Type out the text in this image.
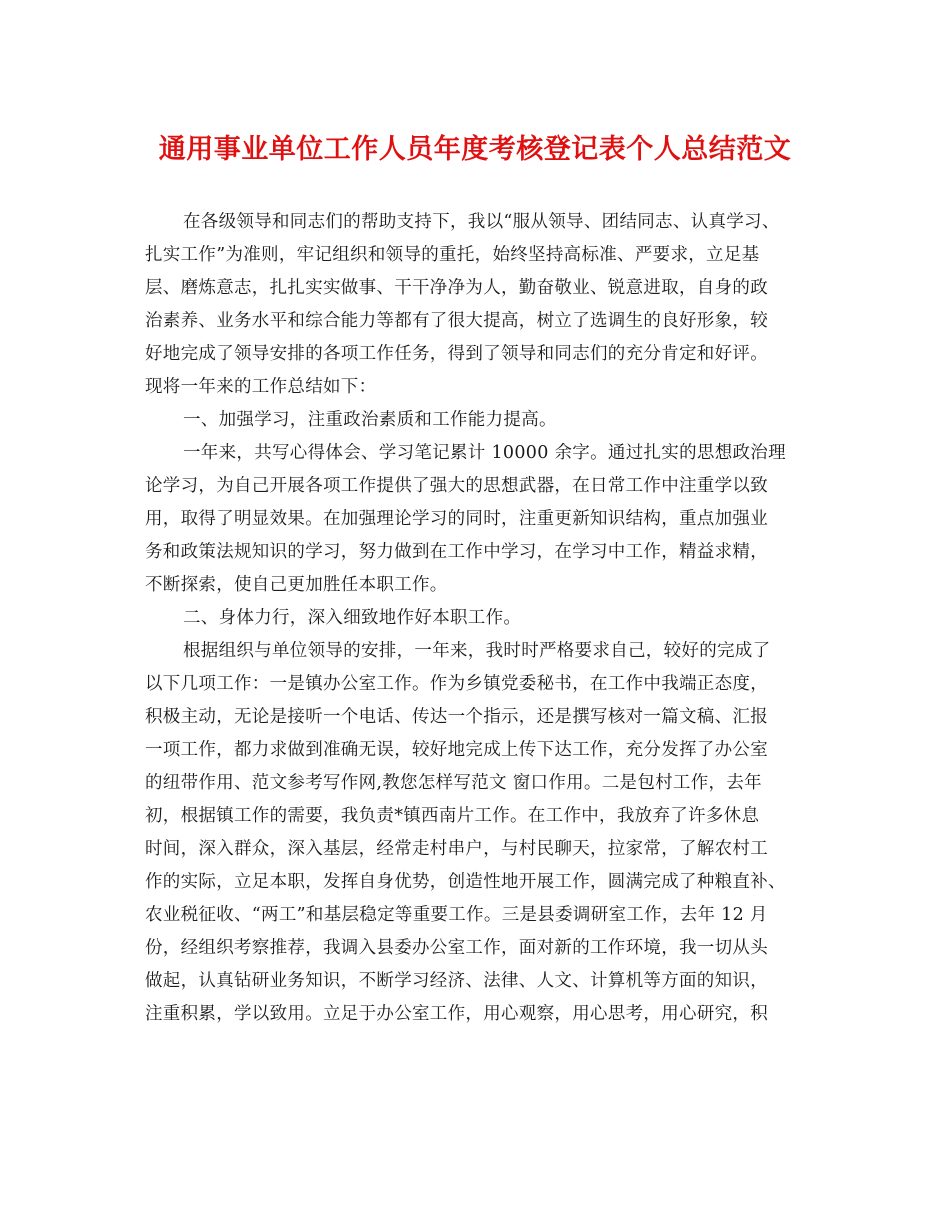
通用事业单位工作人员年度考核登记表个人总结范文
在各级领导和同志们的帮助支持下，我以“服从领导、团结同志、认真学习、
扎实工作”为准则，牢记组织和领导的重托，始终坚持高标准、严要求，立足基
层、磨炼意志，扎扎实实做事、干干净净为人，勤奋敬业、锐意进取，自身的政
治素养、业务水平和综合能力等都有了很大提高，树立了选调生的良好形象，较
好地完成了领导安排的各项工作任务，得到了领导和同志们的充分肯定和好评。
现将一年来的工作总结如下：
一、加强学习，注重政治素质和工作能力提高。
一年来，共写心得体会、学习笔记累计 10000 余字。通过扎实的思想政治理
论学习，为自己开展各项工作提供了强大的思想武器，在日常工作中注重学以致
用，取得了明显效果。在加强理论学习的同时，注重更新知识结构，重点加强业
务和政策法规知识的学习，努力做到在工作中学习，在学习中工作，精益求精，
不断探索，使自己更加胜任本职工作。
二、身体力行，深入细致地作好本职工作。
根据组织与单位领导的安排，一年来，我时时严格要求自己，较好的完成了
以下几项工作：一是镇办公室工作。作为乡镇党委秘书，在工作中我端正态度，
积极主动，无论是接听一个电话、传达一个指示，还是撰写核对一篇文稿、汇报
一项工作，都力求做到准确无误，较好地完成上传下达工作，充分发挥了办公室
的纽带作用、范文参考写作网,教您怎样写范文 窗口作用。二是包村工作，去年
初，根据镇工作的需要，我负责*镇西南片工作。在工作中，我放弃了许多休息
时间，深入群众，深入基层，经常走村串户，与村民聊天，拉家常，了解农村工
作的实际，立足本职，发挥自身优势，创造性地开展工作，圆满完成了种粮直补、
农业税征收、“两工”和基层稳定等重要工作。三是县委调研室工作，去年 12 月
份，经组织考察推荐，我调入县委办公室工作，面对新的工作环境，我一切从头
做起，认真钻研业务知识，不断学习经济、法律、人文、计算机等方面的知识，
注重积累，学以致用。立足于办公室工作，用心观察，用心思考，用心研究，积
